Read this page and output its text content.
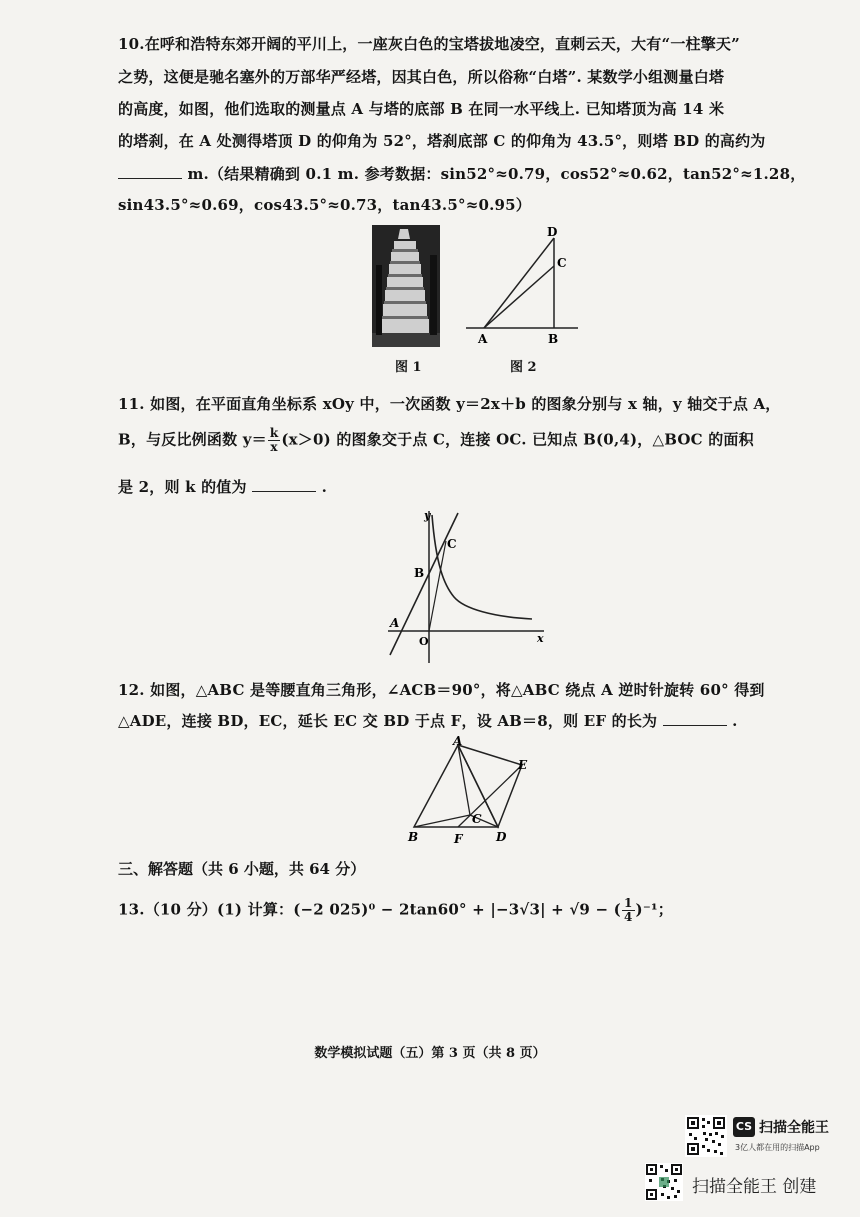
10.在呼和浩特东郊开阔的平川上，一座灰白色的宝塔拔地凌空，直刺云天，大有“一柱擎天”
之势，这便是驰名塞外的万部华严经塔，因其白色，所以俗称“白塔”. 某数学小组测量白塔
的高度，如图，他们选取的测量点 A 与塔的底部 B 在同一水平线上. 已知塔顶为高 14 米
的塔刹，在 A 处测得塔顶 D 的仰角为 52°，塔刹底部 C 的仰角为 43.5°，则塔 BD 的高约为
m.（结果精确到 0.1 m. 参考数据：sin52°≈0.79，cos52°≈0.62，tan52°≈1.28，
sin43.5°≈0.69，cos43.5°≈0.73，tan43.5°≈0.95）
图 1
D
C
A	B
图 2
11. 如图，在平面直角坐标系 xOy 中，一次函数 y＝2x＋b 的图象分别与 x 轴，y 轴交于点 A，
B，与反比例函数 $y= \frac{k}{x} (x>0)$ 的图象交于点 C，连接 OC. 已知点 B(0,4)，△BOC 的面积
是 2，则 k 的值为	.
y
C
B
A
O	x
12. 如图，△ABC 是等腰直角三角形，∠ACB＝90°，将△ABC 绕点 A 逆时针旋转 60° 得到
△ADE，连接 BD，EC，延长 EC 交 BD 于点 F，设 AB＝8，则 EF 的长为	.
A
E
C
B	F	D
三、解答题（共 6 小题，共 64 分）
13.（10 分）(1) 计算：(−2 025)⁰ − 2tan60° + |−3√3| + √9 − ( $\frac{1}{4} )^{-1}$；
数学模拟试题（五）第 3 页（共 8 页）
CS 扫描全能王
3亿人都在用的扫描App
扫描全能王 创建
